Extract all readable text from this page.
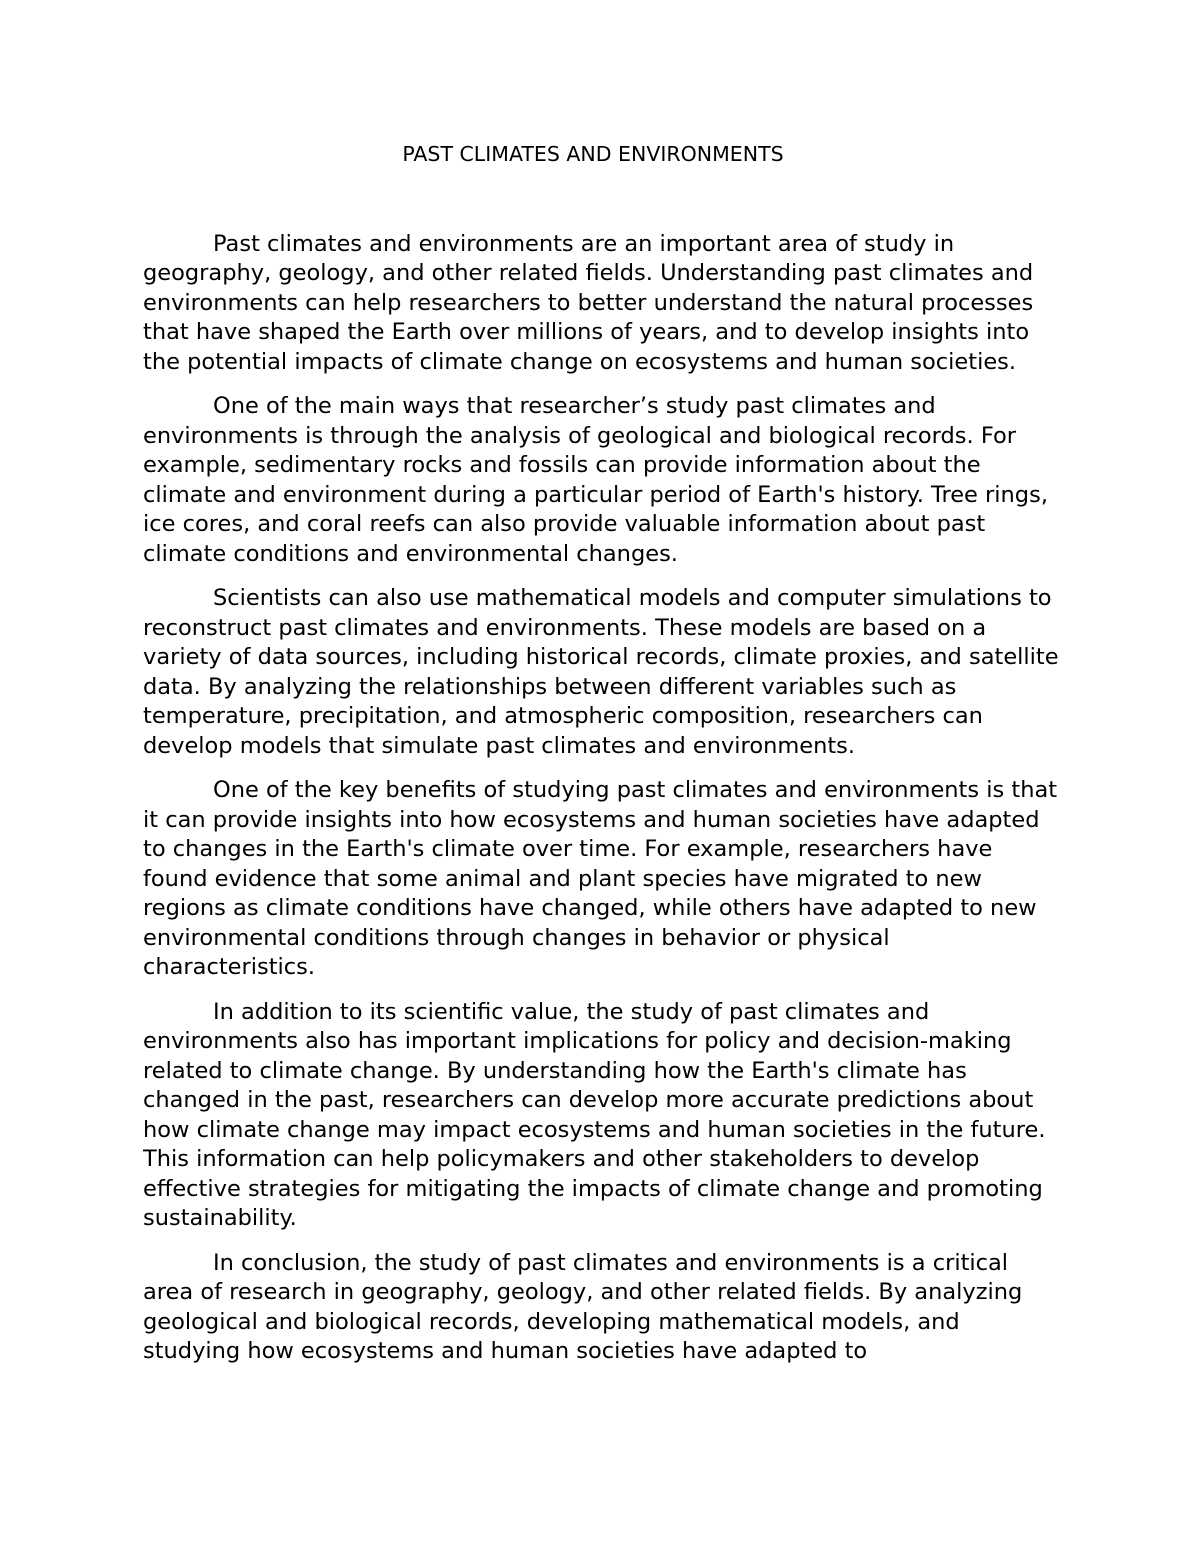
PAST CLIMATES AND ENVIRONMENTS

Past climates and environments are an important area of study in geography, geology, and other related fields. Understanding past climates and environments can help researchers to better understand the natural processes that have shaped the Earth over millions of years, and to develop insights into the potential impacts of climate change on ecosystems and human societies.

One of the main ways that researcher’s study past climates and environments is through the analysis of geological and biological records. For example, sedimentary rocks and fossils can provide information about the climate and environment during a particular period of Earth's history. Tree rings, ice cores, and coral reefs can also provide valuable information about past climate conditions and environmental changes.

Scientists can also use mathematical models and computer simulations to reconstruct past climates and environments. These models are based on a variety of data sources, including historical records, climate proxies, and satellite data. By analyzing the relationships between different variables such as temperature, precipitation, and atmospheric composition, researchers can develop models that simulate past climates and environments.

One of the key benefits of studying past climates and environments is that it can provide insights into how ecosystems and human societies have adapted to changes in the Earth's climate over time. For example, researchers have found evidence that some animal and plant species have migrated to new regions as climate conditions have changed, while others have adapted to new environmental conditions through changes in behavior or physical characteristics.

In addition to its scientific value, the study of past climates and environments also has important implications for policy and decision-making related to climate change. By understanding how the Earth's climate has changed in the past, researchers can develop more accurate predictions about how climate change may impact ecosystems and human societies in the future. This information can help policymakers and other stakeholders to develop effective strategies for mitigating the impacts of climate change and promoting sustainability.

In conclusion, the study of past climates and environments is a critical area of research in geography, geology, and other related fields. By analyzing geological and biological records, developing mathematical models, and studying how ecosystems and human societies have adapted to
